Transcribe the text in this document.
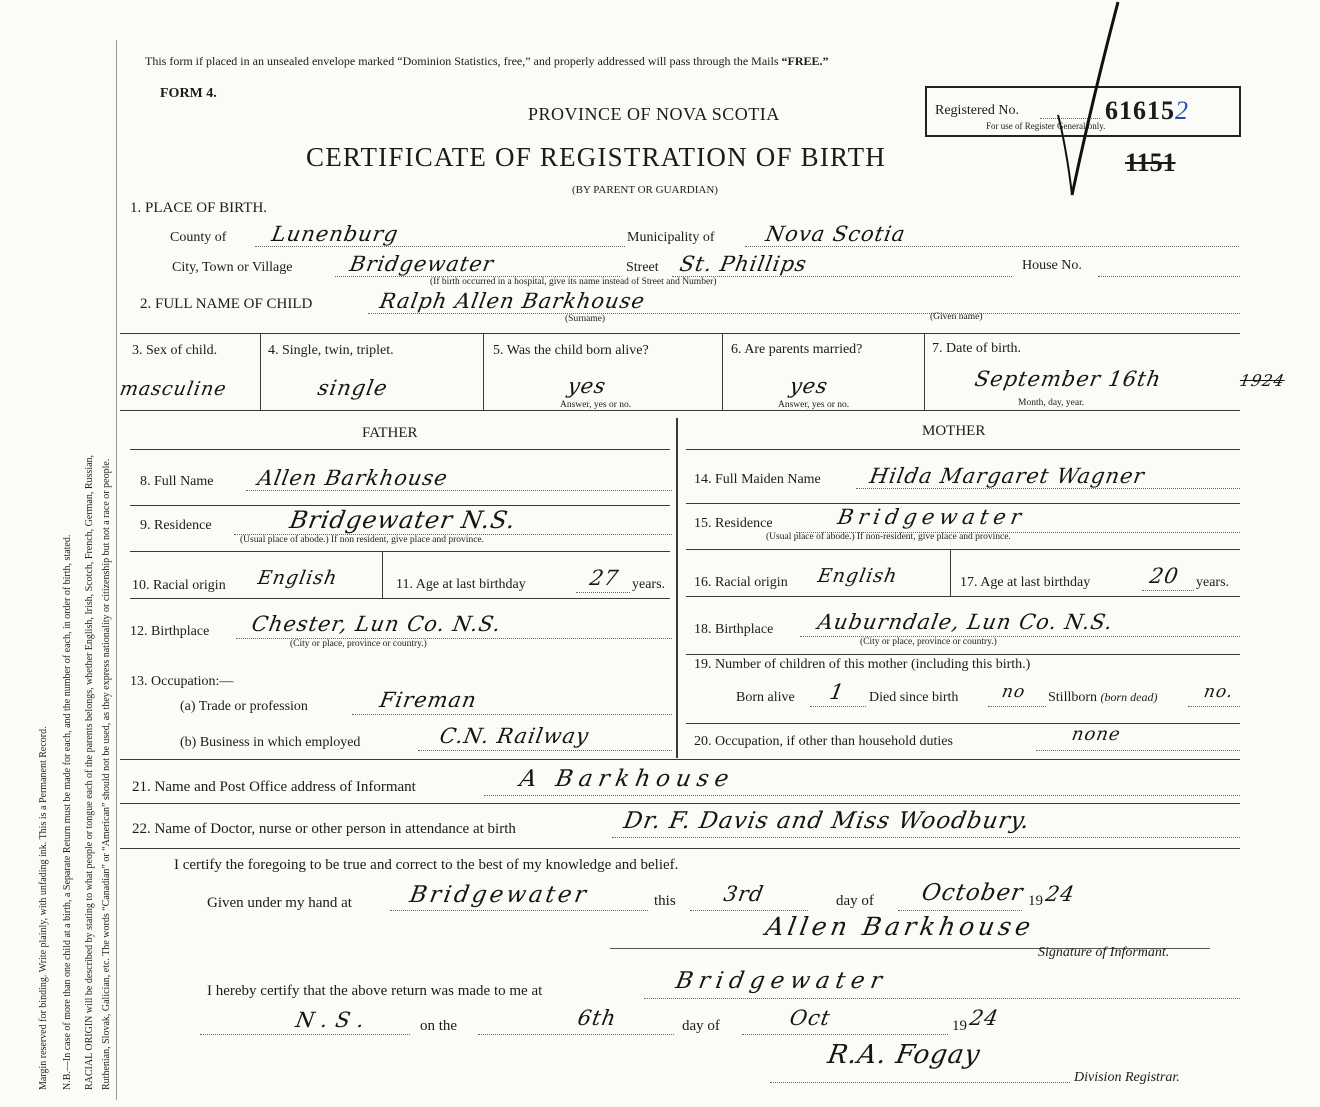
Margin reserved for binding. Write plainly, with unfading ink. This is a Permanent Record. N.B.—In case of more than one child at a birth, a Separate Return must be made for each, and the number of each, in order of birth, stated. RACIAL ORIGIN will be described by stating to what people or tongue each of the parents belongs, whether English, Irish, Scotch, French, German, Russian, Ruthenian, Slovak, Galician, etc. The words “Canadian” or “American” should not be used, as they express nationality or citizenship but not a race or people.
This form if placed in an unsealed envelope marked “Dominion Statistics, free,” and properly addressed will pass through the Mails “FREE.”
FORM 4.
PROVINCE OF NOVA SCOTIA
CERTIFICATE OF REGISTRATION OF BIRTH
(BY PARENT OR GUARDIAN)
Registered No.	616152
For use of Register General only.
1151
1. PLACE OF BIRTH.
County of Lunenburg	Municipality of Nova Scotia
City, Town or Village	Bridgewater	Street St. Phillips	House No.
(If birth occurred in a hospital, give its name instead of Street and Number)
2. FULL NAME OF CHILD	Ralph Allen Barkhouse
(Surname)	(Given name)
3. Sex of child.
masculine
4. Single, twin, triplet.
single
5. Was the child born alive?
yes
Answer, yes or no.
6. Are parents married?
yes
Answer, yes or no.
7. Date of birth.
September 16th	1924
Month, day, year.
FATHER	MOTHER
8. Full Name Allen Barkhouse	14. Full Maiden Name Hilda Margaret Wagner
9. Residence	Bridgewater N.S.
(Usual place of abode.) If non resident, give place and province.
15. Residence	Bridgewater
(Usual place of abode.) If non-resident, give place and province.
10. Racial origin English	11. Age at last birthday	27 years. 16. Racial origin English	17. Age at last birthday	20 years.
12. Birthplace Chester, Lun Co. N.S.
(City or place, province or country.)
18. Birthplace Auburndale, Lun Co. N.S.
(City or place, province or country.)
13. Occupation:—
(a) Trade or profession	Fireman
(b) Business in which employed	C.N. Railway
19. Number of children of this mother (including this birth.)
Born alive 1 Died since birth no Stillborn (born dead)	no.
20. Occupation, if other than household duties	none
21. Name and Post Office address of Informant	A Barkhouse
22. Name of Doctor, nurse or other person in attendance at birth	Dr. F. Davis and Miss Woodbury.
I certify the foregoing to be true and correct to the best of my knowledge and belief.
Given under my hand at Bridgewater	this 3rd	day of October 19 24
Allen Barkhouse
Signature of Informant.
I hereby certify that the above return was made to me at	Bridgewater
N.S.	on the	6th	day of	Oct	19 24
R.A. Fogay
Division Registrar.
